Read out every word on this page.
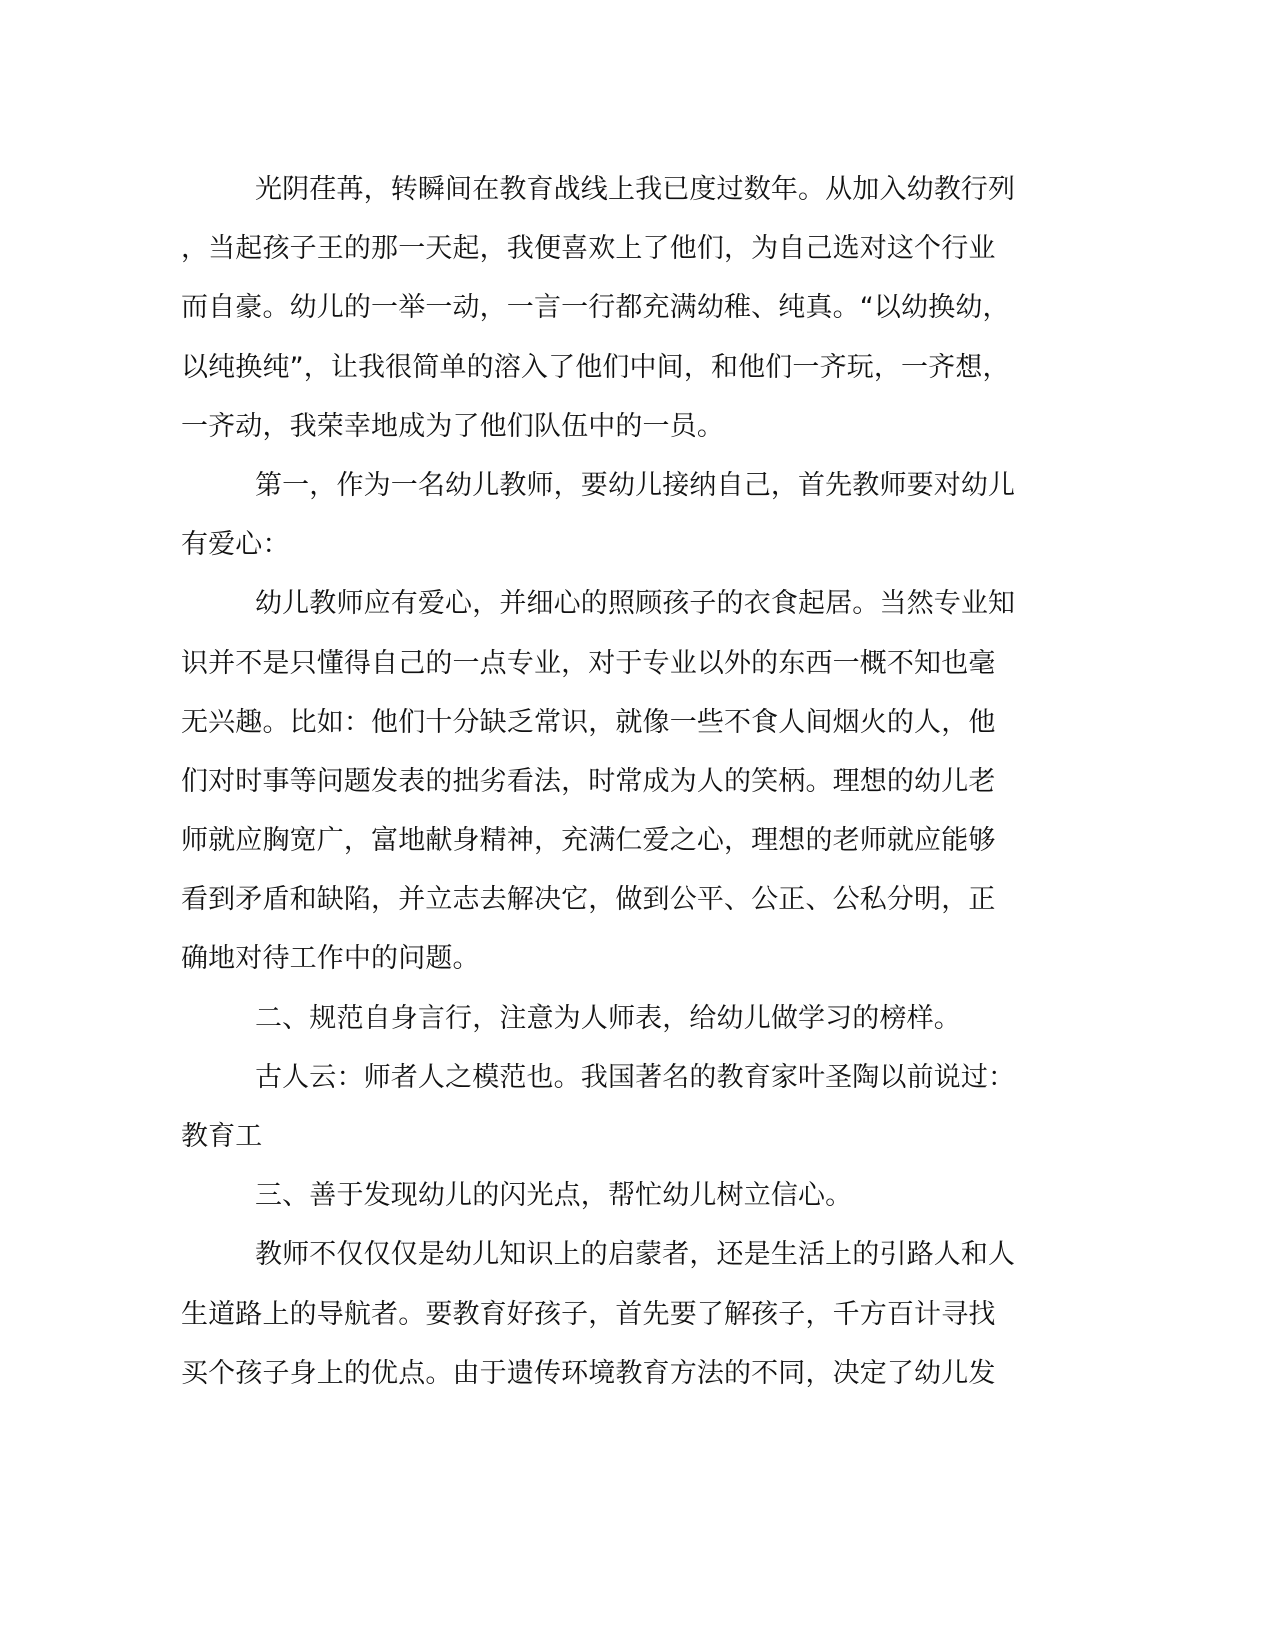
光阴荏苒，转瞬间在教育战线上我已度过数年。从加入幼教行列
，当起孩子王的那一天起，我便喜欢上了他们，为自己选对这个行业
而自豪。幼儿的一举一动，一言一行都充满幼稚、纯真。“以幼换幼，
以纯换纯”，让我很简单的溶入了他们中间，和他们一齐玩，一齐想，
一齐动，我荣幸地成为了他们队伍中的一员。
第一，作为一名幼儿教师，要幼儿接纳自己，首先教师要对幼儿
有爱心：
幼儿教师应有爱心，并细心的照顾孩子的衣食起居。当然专业知
识并不是只懂得自己的一点专业，对于专业以外的东西一概不知也毫
无兴趣。比如：他们十分缺乏常识，就像一些不食人间烟火的人，他
们对时事等问题发表的拙劣看法，时常成为人的笑柄。理想的幼儿老
师就应胸宽广，富地献身精神，充满仁爱之心，理想的老师就应能够
看到矛盾和缺陷，并立志去解决它，做到公平、公正、公私分明，正
确地对待工作中的问题。
二、规范自身言行，注意为人师表，给幼儿做学习的榜样。
古人云：师者人之模范也。我国著名的教育家叶圣陶以前说过：
教育工
三、善于发现幼儿的闪光点，帮忙幼儿树立信心。
教师不仅仅仅是幼儿知识上的启蒙者，还是生活上的引路人和人
生道路上的导航者。要教育好孩子，首先要了解孩子，千方百计寻找
买个孩子身上的优点。由于遗传环境教育方法的不同，决定了幼儿发
